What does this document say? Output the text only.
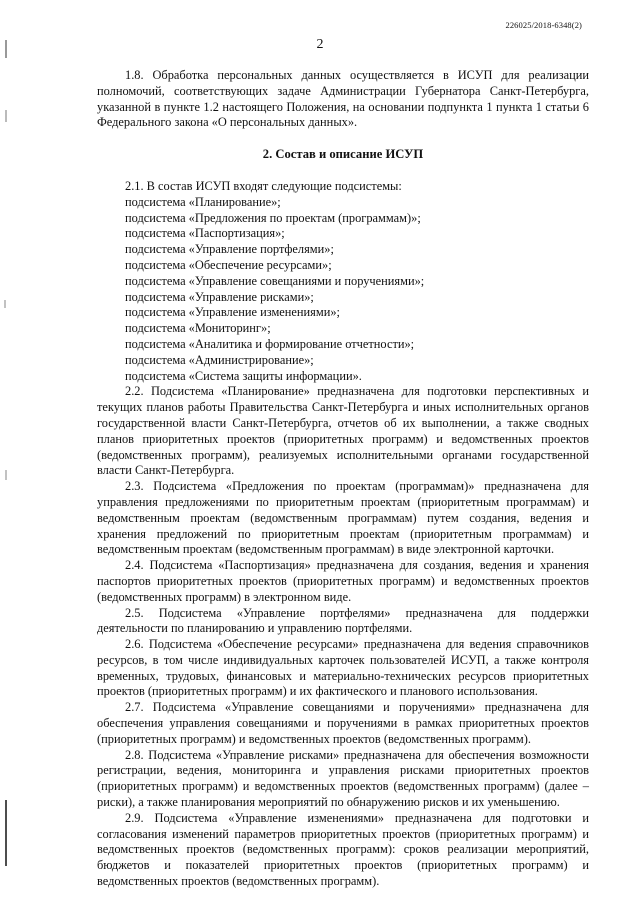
226025/2018-6348(2)
2

1.8. Обработка персональных данных осуществляется в ИСУП для реализации полномочий, соответствующих задаче Администрации Губернатора Санкт-Петербурга, указанной в пункте 1.2 настоящего Положения, на основании подпункта 1 пункта 1 статьи 6 Федерального закона «О персональных данных».

2. Состав и описание ИСУП

2.1. В состав ИСУП входят следующие подсистемы:

подсистема «Планирование»;
подсистема «Предложения по проектам (программам)»;
подсистема «Паспортизация»;
подсистема «Управление портфелями»;
подсистема «Обеспечение ресурсами»;
подсистема «Управление совещаниями и поручениями»;
подсистема «Управление рисками»;
подсистема «Управление изменениями»;
подсистема «Мониторинг»;
подсистема «Аналитика и формирование отчетности»;
подсистема «Администрирование»;
подсистема «Система защиты информации».

2.2. Подсистема «Планирование» предназначена для подготовки перспективных и текущих планов работы Правительства Санкт-Петербурга и иных исполнительных органов государственной власти Санкт-Петербурга, отчетов об их выполнении, а также сводных планов приоритетных проектов (приоритетных программ) и ведомственных проектов (ведомственных программ), реализуемых исполнительными органами государственной власти Санкт-Петербурга.

2.3. Подсистема «Предложения по проектам (программам)» предназначена для управления предложениями по приоритетным проектам (приоритетным программам) и ведомственным проектам (ведомственным программам) путем создания, ведения и хранения предложений по приоритетным проектам (приоритетным программам) и ведомственным проектам (ведомственным программам) в виде электронной карточки.

2.4. Подсистема «Паспортизация» предназначена для создания, ведения и хранения паспортов приоритетных проектов (приоритетных программ) и ведомственных проектов (ведомственных программ) в электронном виде.

2.5. Подсистема «Управление портфелями» предназначена для поддержки деятельности по планированию и управлению портфелями.

2.6. Подсистема «Обеспечение ресурсами» предназначена для ведения справочников ресурсов, в том числе индивидуальных карточек пользователей ИСУП, а также контроля временных, трудовых, финансовых и материально-технических ресурсов приоритетных проектов (приоритетных программ) и их фактического и планового использования.

2.7. Подсистема «Управление совещаниями и поручениями» предназначена для обеспечения управления совещаниями и поручениями в рамках приоритетных проектов (приоритетных программ) и ведомственных проектов (ведомственных программ).

2.8. Подсистема «Управление рисками» предназначена для обеспечения возможности регистрации, ведения, мониторинга и управления рисками приоритетных проектов (приоритетных программ) и ведомственных проектов (ведомственных программ) (далее – риски), а также планирования мероприятий по обнаружению рисков и их уменьшению.

2.9. Подсистема «Управление изменениями» предназначена для подготовки и согласования изменений параметров приоритетных проектов (приоритетных программ) и ведомственных проектов (ведомственных программ): сроков реализации мероприятий, бюджетов и показателей приоритетных проектов (приоритетных программ) и ведомственных проектов (ведомственных программ).
